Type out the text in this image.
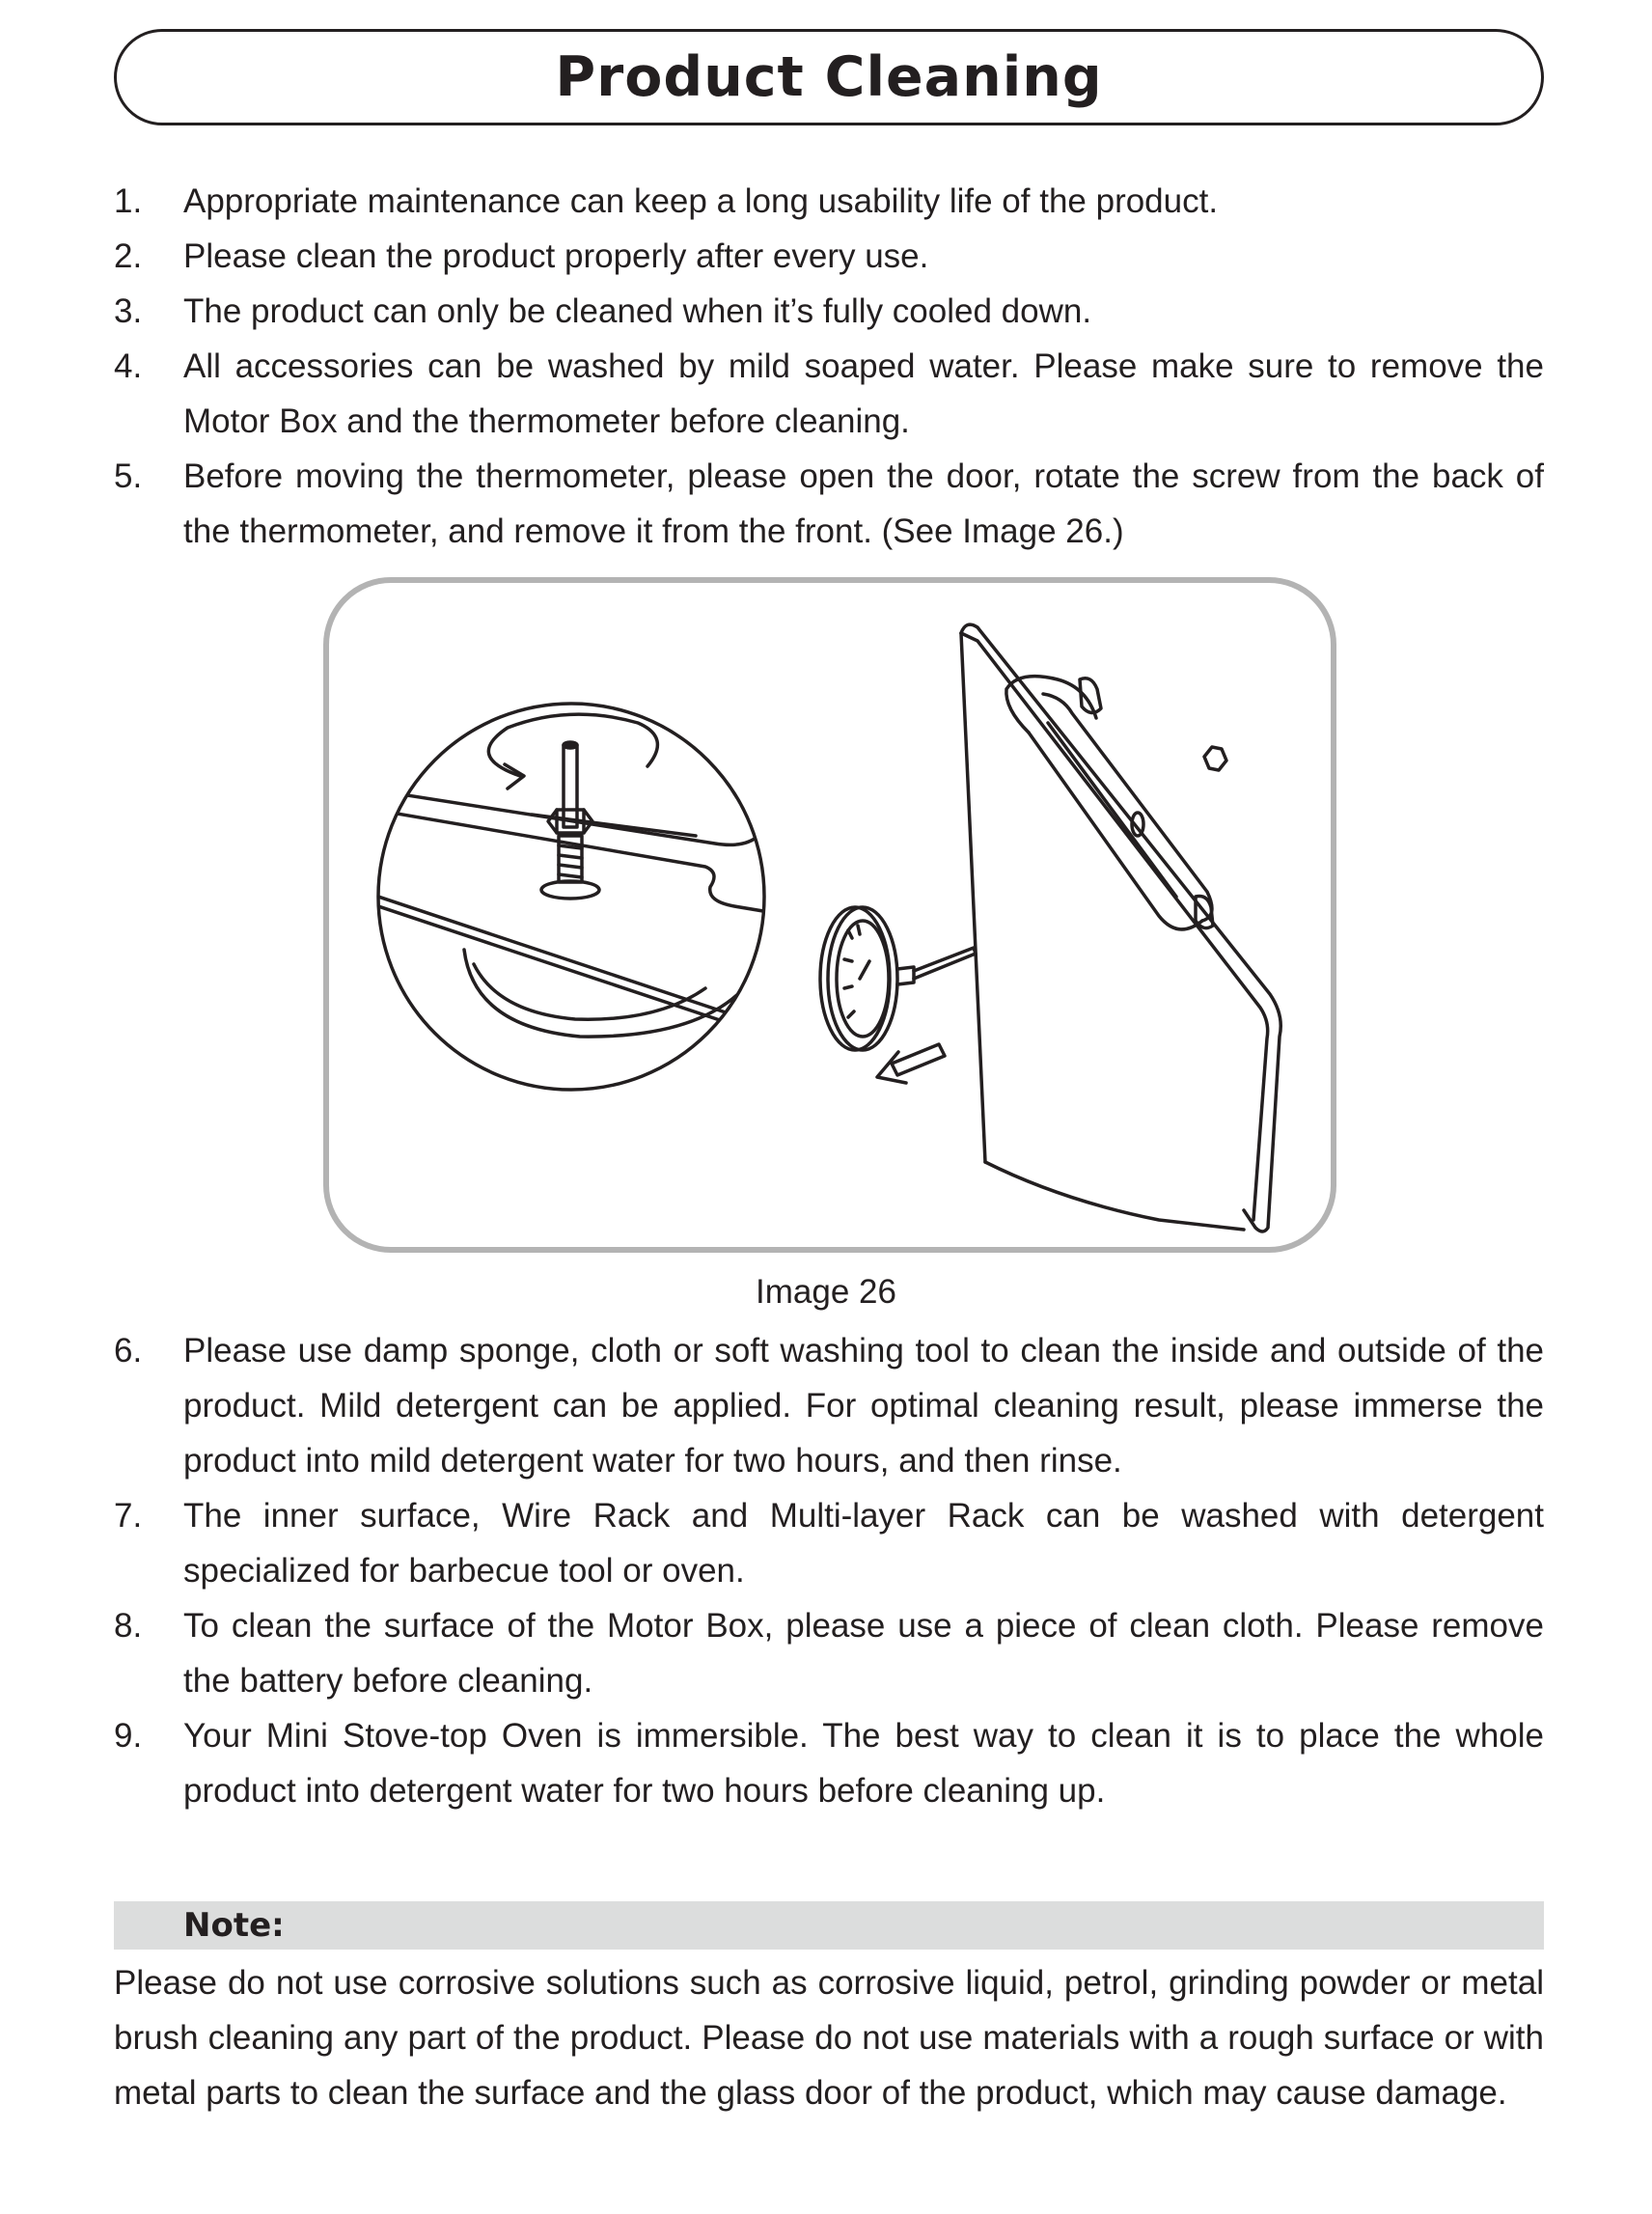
Product Cleaning
1. Appropriate maintenance can keep a long usability life of the product.
2. Please clean the product properly after every use.
3. The product can only be cleaned when it’s fully cooled down.
4. All accessories can be washed by mild soaped water. Please make sure to remove the Motor Box and the thermometer before cleaning.
5. Before moving the thermometer, please open the door, rotate the screw from the back of the thermometer, and remove it from the front. (See Image 26.)
Image 26
6. Please use damp sponge, cloth or soft washing tool to clean the inside and outside of the product. Mild detergent can be applied. For optimal cleaning result, please immerse the product into mild detergent water for two hours, and then rinse.
7. The inner surface, Wire Rack and Multi-layer Rack can be washed with detergent specialized for barbecue tool or oven.
8. To clean the surface of the Motor Box, please use a piece of clean cloth. Please remove the battery before cleaning.
9. Your Mini Stove-top Oven is immersible. The best way to clean it is to place the whole product into detergent water for two hours before cleaning up.
Note:

Please do not use corrosive solutions such as corrosive liquid, petrol, grinding powder or metal brush cleaning any part of the product. Please do not use materials with a rough surface or with metal parts to clean the surface and the glass door of the product, which may cause damage.
